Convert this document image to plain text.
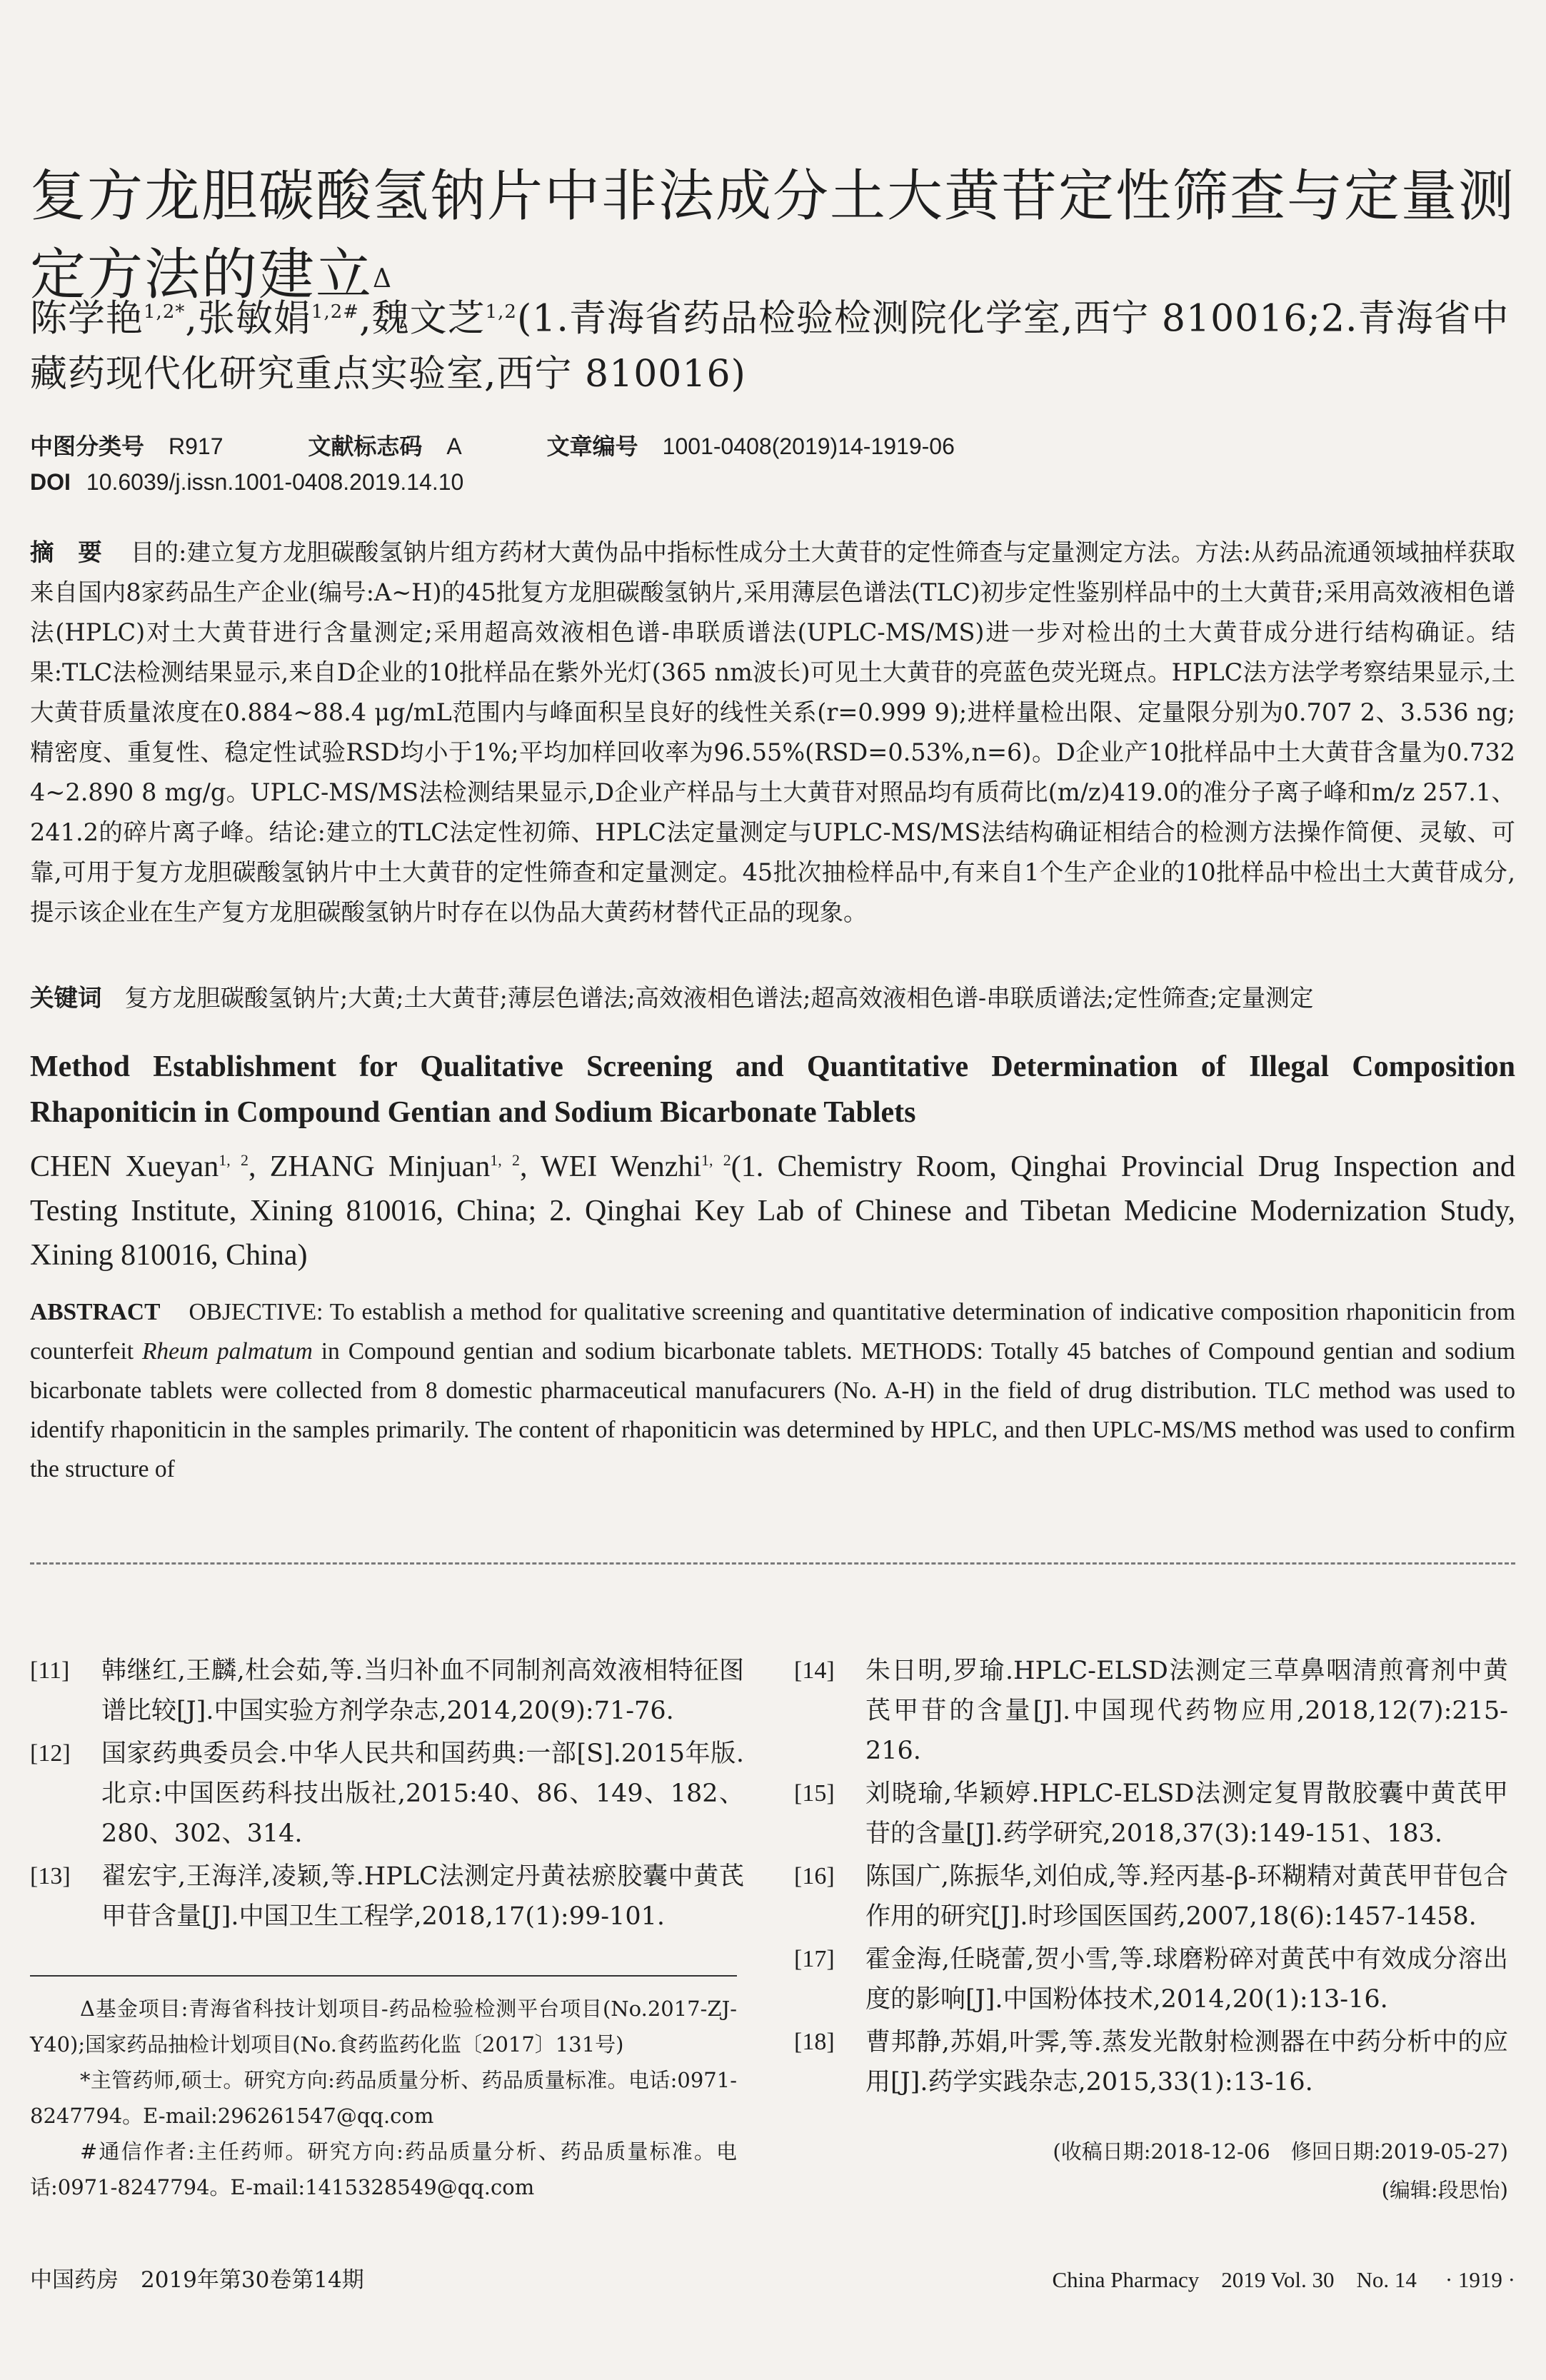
复方龙胆碳酸氢钠片中非法成分土大黄苷定性筛查与定量测定方法的建立$^\Delta$
陈学艳$^{1,2*}$,张敏娟$^{1,2\#}$,魏文芝$^{1,2}$(1.青海省药品检验检测院化学室,西宁 810016;2.青海省中藏药现代化研究重点实验室,西宁 810016)
中图分类号 R917	文献标志码 A	文章编号 1001-0408(2019)14-1919-06
DOI 10.6039/j.issn.1001-0408.2019.14.10
摘　要 目的:建立复方龙胆碳酸氢钠片组方药材大黄伪品中指标性成分土大黄苷的定性筛查与定量测定方法。方法:从药品流通领域抽样获取来自国内8家药品生产企业(编号:A~H)的45批复方龙胆碳酸氢钠片,采用薄层色谱法(TLC)初步定性鉴别样品中的土大黄苷;采用高效液相色谱法(HPLC)对土大黄苷进行含量测定;采用超高效液相色谱-串联质谱法(UPLC-MS/MS)进一步对检出的土大黄苷成分进行结构确证。结果:TLC法检测结果显示,来自D企业的10批样品在紫外光灯(365 nm波长)可见土大黄苷的亮蓝色荧光斑点。HPLC法方法学考察结果显示,土大黄苷质量浓度在0.884~88.4 μg/mL范围内与峰面积呈良好的线性关系(r=0.999 9);进样量检出限、定量限分别为0.707 2、3.536 ng;精密度、重复性、稳定性试验RSD均小于1%;平均加样回收率为96.55%(RSD=0.53%,n=6)。D企业产10批样品中土大黄苷含量为0.732 4~2.890 8 mg/g。UPLC-MS/MS法检测结果显示,D企业产样品与土大黄苷对照品均有质荷比(m/z)419.0的准分子离子峰和m/z 257.1、241.2的碎片离子峰。结论:建立的TLC法定性初筛、HPLC法定量测定与UPLC-MS/MS法结构确证相结合的检测方法操作简便、灵敏、可靠,可用于复方龙胆碳酸氢钠片中土大黄苷的定性筛查和定量测定。45批次抽检样品中,有来自1个生产企业的10批样品中检出土大黄苷成分,提示该企业在生产复方龙胆碳酸氢钠片时存在以伪品大黄药材替代正品的现象。
关键词 复方龙胆碳酸氢钠片;大黄;土大黄苷;薄层色谱法;高效液相色谱法;超高效液相色谱-串联质谱法;定性筛查;定量测定
Method Establishment for Qualitative Screening and Quantitative Determination of Illegal Composition Rhaponiticin in Compound Gentian and Sodium Bicarbonate Tablets
CHEN Xueyan$^{1, 2}$, ZHANG Minjuan$^{1, 2}$, WEI Wenzhi$^{1, 2}$(1. Chemistry Room, Qinghai Provincial Drug Inspection and Testing Institute, Xining 810016, China; 2. Qinghai Key Lab of Chinese and Tibetan Medicine Modernization Study, Xining 810016, China)
ABSTRACT OBJECTIVE: To establish a method for qualitative screening and quantitative determination of indicative composition rhaponiticin from counterfeit Rheum palmatum in Compound gentian and sodium bicarbonate tablets. METHODS: Totally 45 batches of Compound gentian and sodium bicarbonate tablets were collected from 8 domestic pharmaceutical manufacurers (No. A-H) in the field of drug distribution. TLC method was used to identify rhaponiticin in the samples primarily. The content of rhaponiticin was determined by HPLC, and then UPLC-MS/MS method was used to confirm the structure of
[11]	韩继红,王麟,杜会茹,等.当归补血不同制剂高效液相特征图谱比较[J].中国实验方剂学杂志,2014,20(9):71-76.
[12]	国家药典委员会.中华人民共和国药典:一部[S].2015年版.北京:中国医药科技出版社,2015:40、86、149、182、280、302、314.
[13]	翟宏宇,王海洋,凌颖,等.HPLC法测定丹黄祛瘀胶囊中黄芪甲苷含量[J].中国卫生工程学,2018,17(1):99-101.

Δ基金项目:青海省科技计划项目-药品检验检测平台项目(No.2017-ZJ-Y40);国家药品抽检计划项目(No.食药监药化监〔2017〕131号)

*主管药师,硕士。研究方向:药品质量分析、药品质量标准。电话:0971-8247794。E-mail:296261547@qq.com

#通信作者:主任药师。研究方向:药品质量分析、药品质量标准。电话:0971-8247794。E-mail:1415328549@qq.com

[14]	朱日明,罗瑜.HPLC-ELSD法测定三草鼻咽清煎膏剂中黄芪甲苷的含量[J].中国现代药物应用,2018,12(7):215-216.
[15]	刘晓瑜,华颖婷.HPLC-ELSD法测定复胃散胶囊中黄芪甲苷的含量[J].药学研究,2018,37(3):149-151、183.
[16]	陈国广,陈振华,刘伯成,等.羟丙基-β-环糊精对黄芪甲苷包合作用的研究[J].时珍国医国药,2007,18(6):1457-1458.
[17]	霍金海,任晓蕾,贺小雪,等.球磨粉碎对黄芪中有效成分溶出度的影响[J].中国粉体技术,2014,20(1):13-16.
[18]	曹邦静,苏娟,叶霁,等.蒸发光散射检测器在中药分析中的应用[J].药学实践杂志,2015,33(1):13-16.
(收稿日期:2018-12-06　修回日期:2019-05-27)
(编辑:段思怡)
中国药房　2019年第30卷第14期	China Pharmacy　2019 Vol. 30　No. 14 · 1919 ·
